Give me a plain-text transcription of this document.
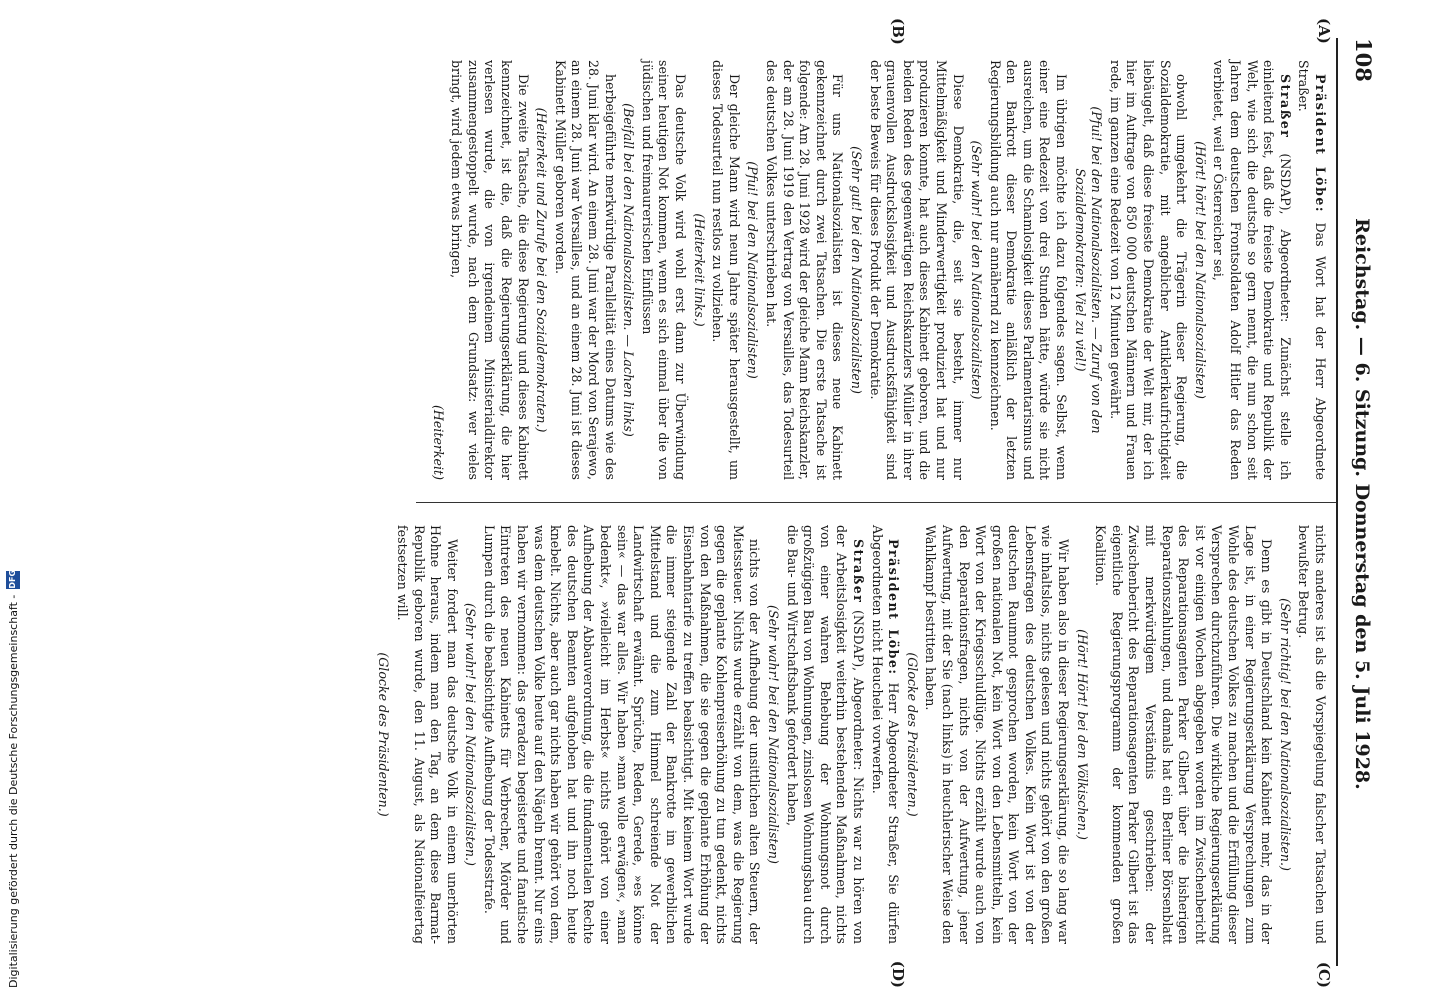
108
Reichstag. — 6. Sitzung. Donnerstag den 5. Juli 1928.
(A)
(B)

Präsident Löbe: Das Wort hat der Herr Abgeordnete Straßer.

Straßer (NSDAP), Abgeordneter: Zunächst stelle ich einleitend fest, daß die freieste Demokratie und Republik der Welt, wie sich die deutsche so gern nennt, die nun schon seit Jahren dem deutschen Frontsoldaten Adolf Hitler das Reden verbietet, weil er Österreicher sei,

(Hört! hört! bei den Nationalsozialisten)

obwohl umgekehrt die Trägerin dieser Regierung, die Sozialdemokratie, mit angeblicher Antiklerikaufrichtigkeit liebäugelt, daß diese freieste Demokratie der Welt mir, der ich hier im Auftrage von 850 000 deutschen Männern und Frauen rede, im ganzen eine Redezeit von 12 Minuten gewährt.

(Pfui! bei den Nationalsozialisten. — Zuruf von den Sozialdemokraten: Viel zu viel!)

Im übrigen möchte ich dazu folgendes sagen. Selbst, wenn einer eine Redezeit von drei Stunden hätte, würde sie nicht ausreichen, um die Schamlosigkeit dieses Parlamentarismus und den Bankrott dieser Demokratie anläßlich der letzten Regierungsbildung auch nur annähernd zu kennzeichnen.

(Sehr wahr! bei den Nationalsozialisten)

Diese Demokratie, die, seit sie besteht, immer nur Mittelmäßigkeit und Minderwertigkeit produziert hat und nur produzieren konnte, hat auch dieses Kabinett geboren, und die beiden Reden des gegenwärtigen Reichskanzlers Müller in ihrer grauenvollen Ausdruckslosigkeit und Ausdrucksfähigkeit sind der beste Beweis für dieses Produkt der Demokratie.

(Sehr gut! bei den Nationalsozialisten)

Für uns Nationalsozialisten ist dieses neue Kabinett gekennzeichnet durch zwei Tatsachen. Die erste Tatsache ist folgende: Am 28. Juni 1928 wird der gleiche Mann Reichskanzler, der am 28. Juni 1919 den Vertrag von Versailles, das Todesurteil des deutschen Volkes unterschrieben hat.

(Pfui! bei den Nationalsozialisten)

Der gleiche Mann wird neun Jahre später herausgestellt, um dieses Todesurteil nun restlos zu vollziehen.

(Heiterkeit links.)

Das deutsche Volk wird wohl erst dann zur Überwindung seiner heutigen Not kommen, wenn es sich einmal über die von jüdischen und freimaurerischen Einflüssen

(Beifall bei den Nationalsozialisten. — Lachen links)

herbeigeführte merkwürdige Parallelität eines Datums wie des 28. Juni klar wird. An einem 28. Juni war der Mord von Serajewo, an einem 28. Juni war Versailles, und an einem 28. Juni ist dieses Kabinett Müller geboren worden.

(Heiterkeit und Zurufe bei den Sozialdemokraten.)

Die zweite Tatsache, die diese Regierung und dieses Kabinett kennzeichnet, ist die, daß die Regierungserklärung, die hier verlesen wurde, die von irgendeinem Ministerialdirektor zusammengestoppelt wurde, nach dem Grundsatz: wer vieles bringt, wird jedem etwas bringen,

(Heiterkeit)

(C)
(D)

nichts anderes ist als die Vorspiegelung falscher Tatsachen und bewußter Betrug.

(Sehr richtig! bei den Nationalsozialisten.)

Denn es gibt in Deutschland kein Kabinett mehr, das in der Lage ist, in einer Regierungserklärung Versprechungen zum Wohle des deutschen Volkes zu machen und die Erfüllung dieser Versprechen durchzuführen. Die wirkliche Regierungserklärung ist vor einigen Wochen abgegeben worden im Zwischenbericht des Reparationsagenten Parker Gilbert über die bisherigen Reparationszahlungen, und damals hat ein Berliner Börsenblatt mit merkwürdigem Verständnis geschrieben: der Zwischenbericht des Reparationsagenten Parker Gilbert ist das eigentliche Regierungsprogramm der kommenden großen Koalition.

(Hört! Hört! bei den Völkischen.)

Wir haben also in dieser Regierungserklärung, die so lang war wie inhaltslos, nichts gelesen und nichts gehört von den großen Lebensfragen des deutschen Volkes. Kein Wort ist von der deutschen Raumnot gesprochen worden, kein Wort von der großen nationalen Not, kein Wort von den Lebensmitteln, kein Wort von der Kriegsschuldlüge. Nichts erzählt wurde auch von den Reparationsfragen, nichts von der Aufwertung, jener Aufwertung, mit der Sie (nach links) in heuchlerischer Weise den Wahlkampf bestritten haben.

(Glocke des Präsidenten.)

Präsident Löbe: Herr Abgeordneter Straßer, Sie dürfen Abgeordneten nicht Heuchelei vorwerfen.

Straßer (NSDAP), Abgeordneter: Nichts war zu hören von der Arbeitslosigkeit weiterhin bestehenden Maßnahmen, nichts von einer wahren Behebung der Wohnungsnot durch großzügigen Bau von Wohnungen, zinslosen Wohnungsbau durch die Bau- und Wirtschaftsbank gefordert haben,

(Sehr wahr! bei den Nationalsozialisten)

nichts von der Aufhebung der unsittlichen alten Steuern, der Mietssteuer. Nichts wurde erzählt von dem, was die Regierung gegen die geplante Kohlenpreiserhöhung zu tun gedenkt, nichts von den Maßnahmen, die sie gegen die geplante Erhöhung der Eisenbahntarife zu treffen beabsichtigt. Mit keinem Wort wurde die immer steigende Zahl der Bankrotte im gewerblichen Mittelstand und die zum Himmel schreiende Not der Landwirtschaft erwähnt. Sprüche, Reden, Gerede, »es könne sein« — das war alles. Wir haben »man wolle erwägen«, »man bedenkt«, »vielleicht im Herbst« nichts gehört von einer Aufhebung der Abbauverordnung, die die fundamentalen Rechte des deutschen Beamten aufgehoben hat und ihn noch heute knebelt. Nichts, aber auch gar nichts haben wir gehört von dem, was dem deutschen Volke heute auf den Nägeln brennt. Nur eins haben wir vernommen: das geradezu begeisterte und fanatische Eintreten des neuen Kabinetts für Verbrecher, Mörder und Lumpen durch die beabsichtigte Aufhebung der Todesstrafe.

(Sehr wahr! bei den Nationalsozialisten.)

Weiter fordert man das deutsche Volk in einem unerhörten Hohne heraus, indem man den Tag, an dem diese Barmat-Republik geboren wurde, den 11. August, als Nationalfeiertag festsetzen will.

(Glocke des Präsidenten.)

Digitalisierung gefördert durch die Deutsche Forschungsgemeinschaft -
DFG
